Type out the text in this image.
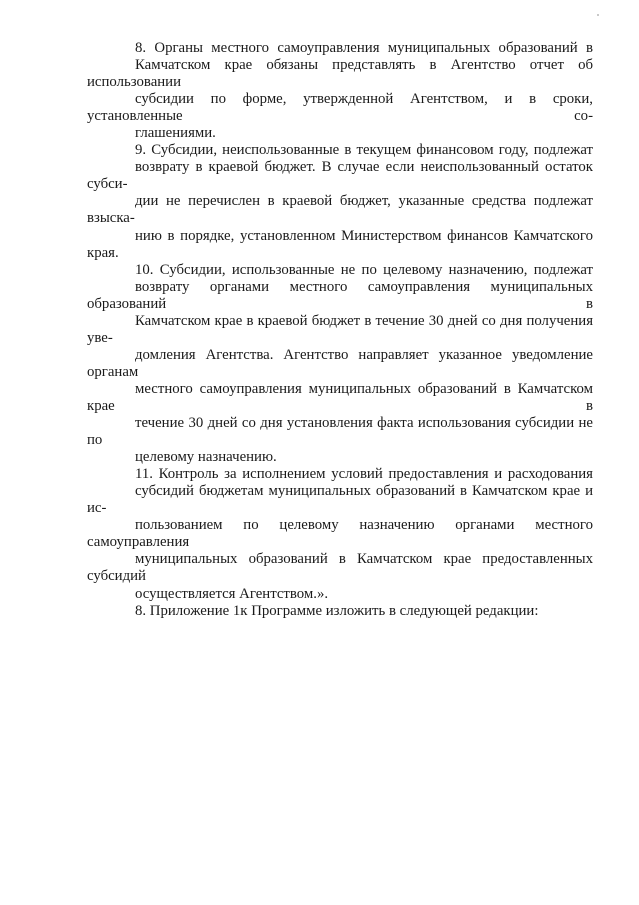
8. Органы местного самоуправления муниципальных образований в
Камчатском крае обязаны представлять в Агентство отчет об использовании
субсидии по форме, утвержденной Агентством, и в сроки, установленные со-
глашениями.

9. Субсидии, неиспользованные в текущем финансовом году, подлежат
возврату в краевой бюджет. В случае если неиспользованный остаток субси-
дии не перечислен в краевой бюджет, указанные средства подлежат взыска-
нию в порядке, установленном Министерством финансов Камчатского края.

10. Субсидии, использованные не по целевому назначению, подлежат
возврату органами местного самоуправления муниципальных образований в
Камчатском крае в краевой бюджет в течение 30 дней со дня получения уве-
домления Агентства. Агентство направляет указанное уведомление органам
местного самоуправления муниципальных образований в Камчатском крае в
течение 30 дней со дня установления факта использования субсидии не по
целевому назначению.

11. Контроль за исполнением условий предоставления и расходования
субсидий бюджетам муниципальных образований в Камчатском крае и ис-
пользованием по целевому назначению органами местного самоуправления
муниципальных образований в Камчатском крае предоставленных субсидий
осуществляется Агентством.».

8. Приложение 1к Программе изложить в следующей редакции:
